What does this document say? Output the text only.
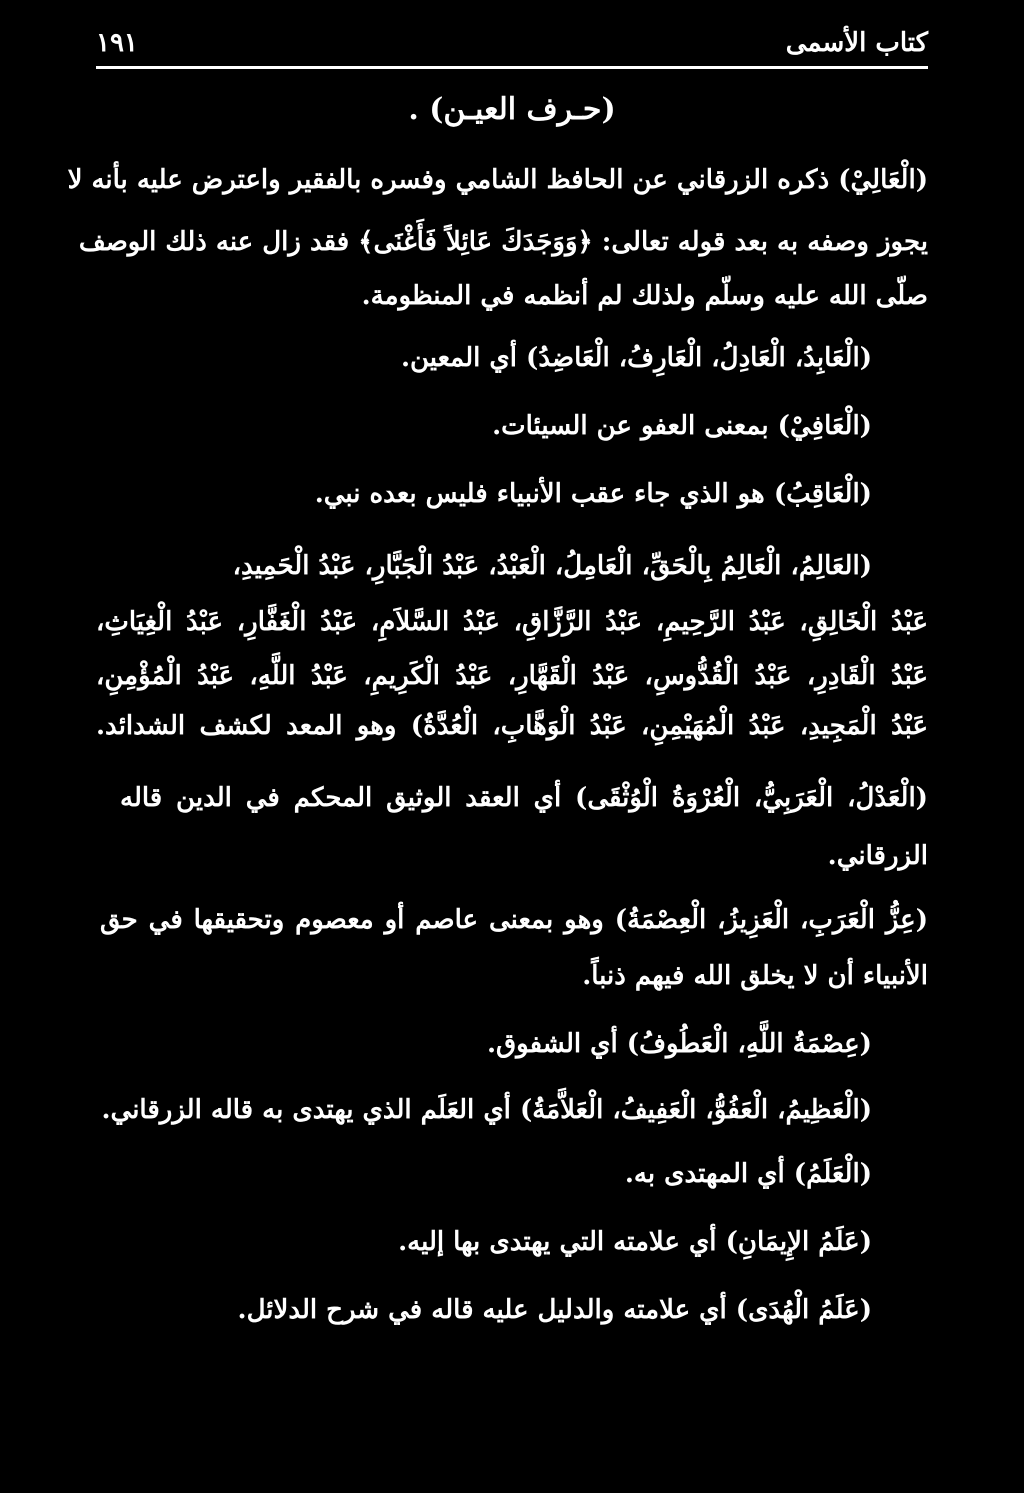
كتاب الأسمى
١٩١
(حـرف العيـن) .
(الْعَالِيْ) ذكره الزرقاني عن الحافظ الشامي وفسره بالفقير واعترض عليه بأنه لا
يجوز وصفه به بعد قوله تعالى: ﴿وَوَجَدَكَ عَائِلاً فَأَغْنَى﴾ فقد زال عنه ذلك الوصف
صلّى الله عليه وسلّم ولذلك لم أنظمه في المنظومة.
(الْعَابِدُ، الْعَادِلُ، الْعَارِفُ، الْعَاضِدُ) أي المعين.
(الْعَافِيْ) بمعنى العفو عن السيئات.
(الْعَاقِبُ) هو الذي جاء عقب الأنبياء فليس بعده نبي.
(العَالِمُ، الْعَالِمُ بِالْحَقِّ، الْعَامِلُ، الْعَبْدُ، عَبْدُ الْجَبَّارِ، عَبْدُ الْحَمِيدِ،
عَبْدُ الْخَالِقِ، عَبْدُ الرَّحِيمِ، عَبْدُ الرَّزَّاقِ، عَبْدُ السَّلاَمِ، عَبْدُ الْغَفَّارِ، عَبْدُ الْغِيَاثِ،
عَبْدُ الْقَادِرِ، عَبْدُ الْقُدُّوسِ، عَبْدُ الْقَهَّارِ، عَبْدُ الْكَرِيمِ، عَبْدُ اللَّهِ، عَبْدُ الْمُؤْمِنِ،
عَبْدُ الْمَجِيدِ، عَبْدُ الْمُهَيْمِنِ، عَبْدُ الْوَهَّابِ، الْعُدَّةُ) وهو المعد لكشف الشدائد.
(الْعَدْلُ، الْعَرَبِيُّ، الْعُرْوَةُ الْوُثْقَى) أي العقد الوثيق المحكم في الدين قاله
الزرقاني.
(عِزُّ الْعَرَبِ، الْعَزِيزُ، الْعِصْمَةُ) وهو بمعنى عاصم أو معصوم وتحقيقها في حق
الأنبياء أن لا يخلق الله فيهم ذنباً.
(عِصْمَةُ اللَّهِ، الْعَطُوفُ) أي الشفوق.
(الْعَظِيمُ، الْعَفُوُّ، الْعَفِيفُ، الْعَلاَّمَةُ) أي العَلَم الذي يهتدى به قاله الزرقاني.
(الْعَلَمُ) أي المهتدى به.
(عَلَمُ الإِيمَانِ) أي علامته التي يهتدى بها إليه.
(عَلَمُ الْهُدَى) أي علامته والدليل عليه قاله في شرح الدلائل.
